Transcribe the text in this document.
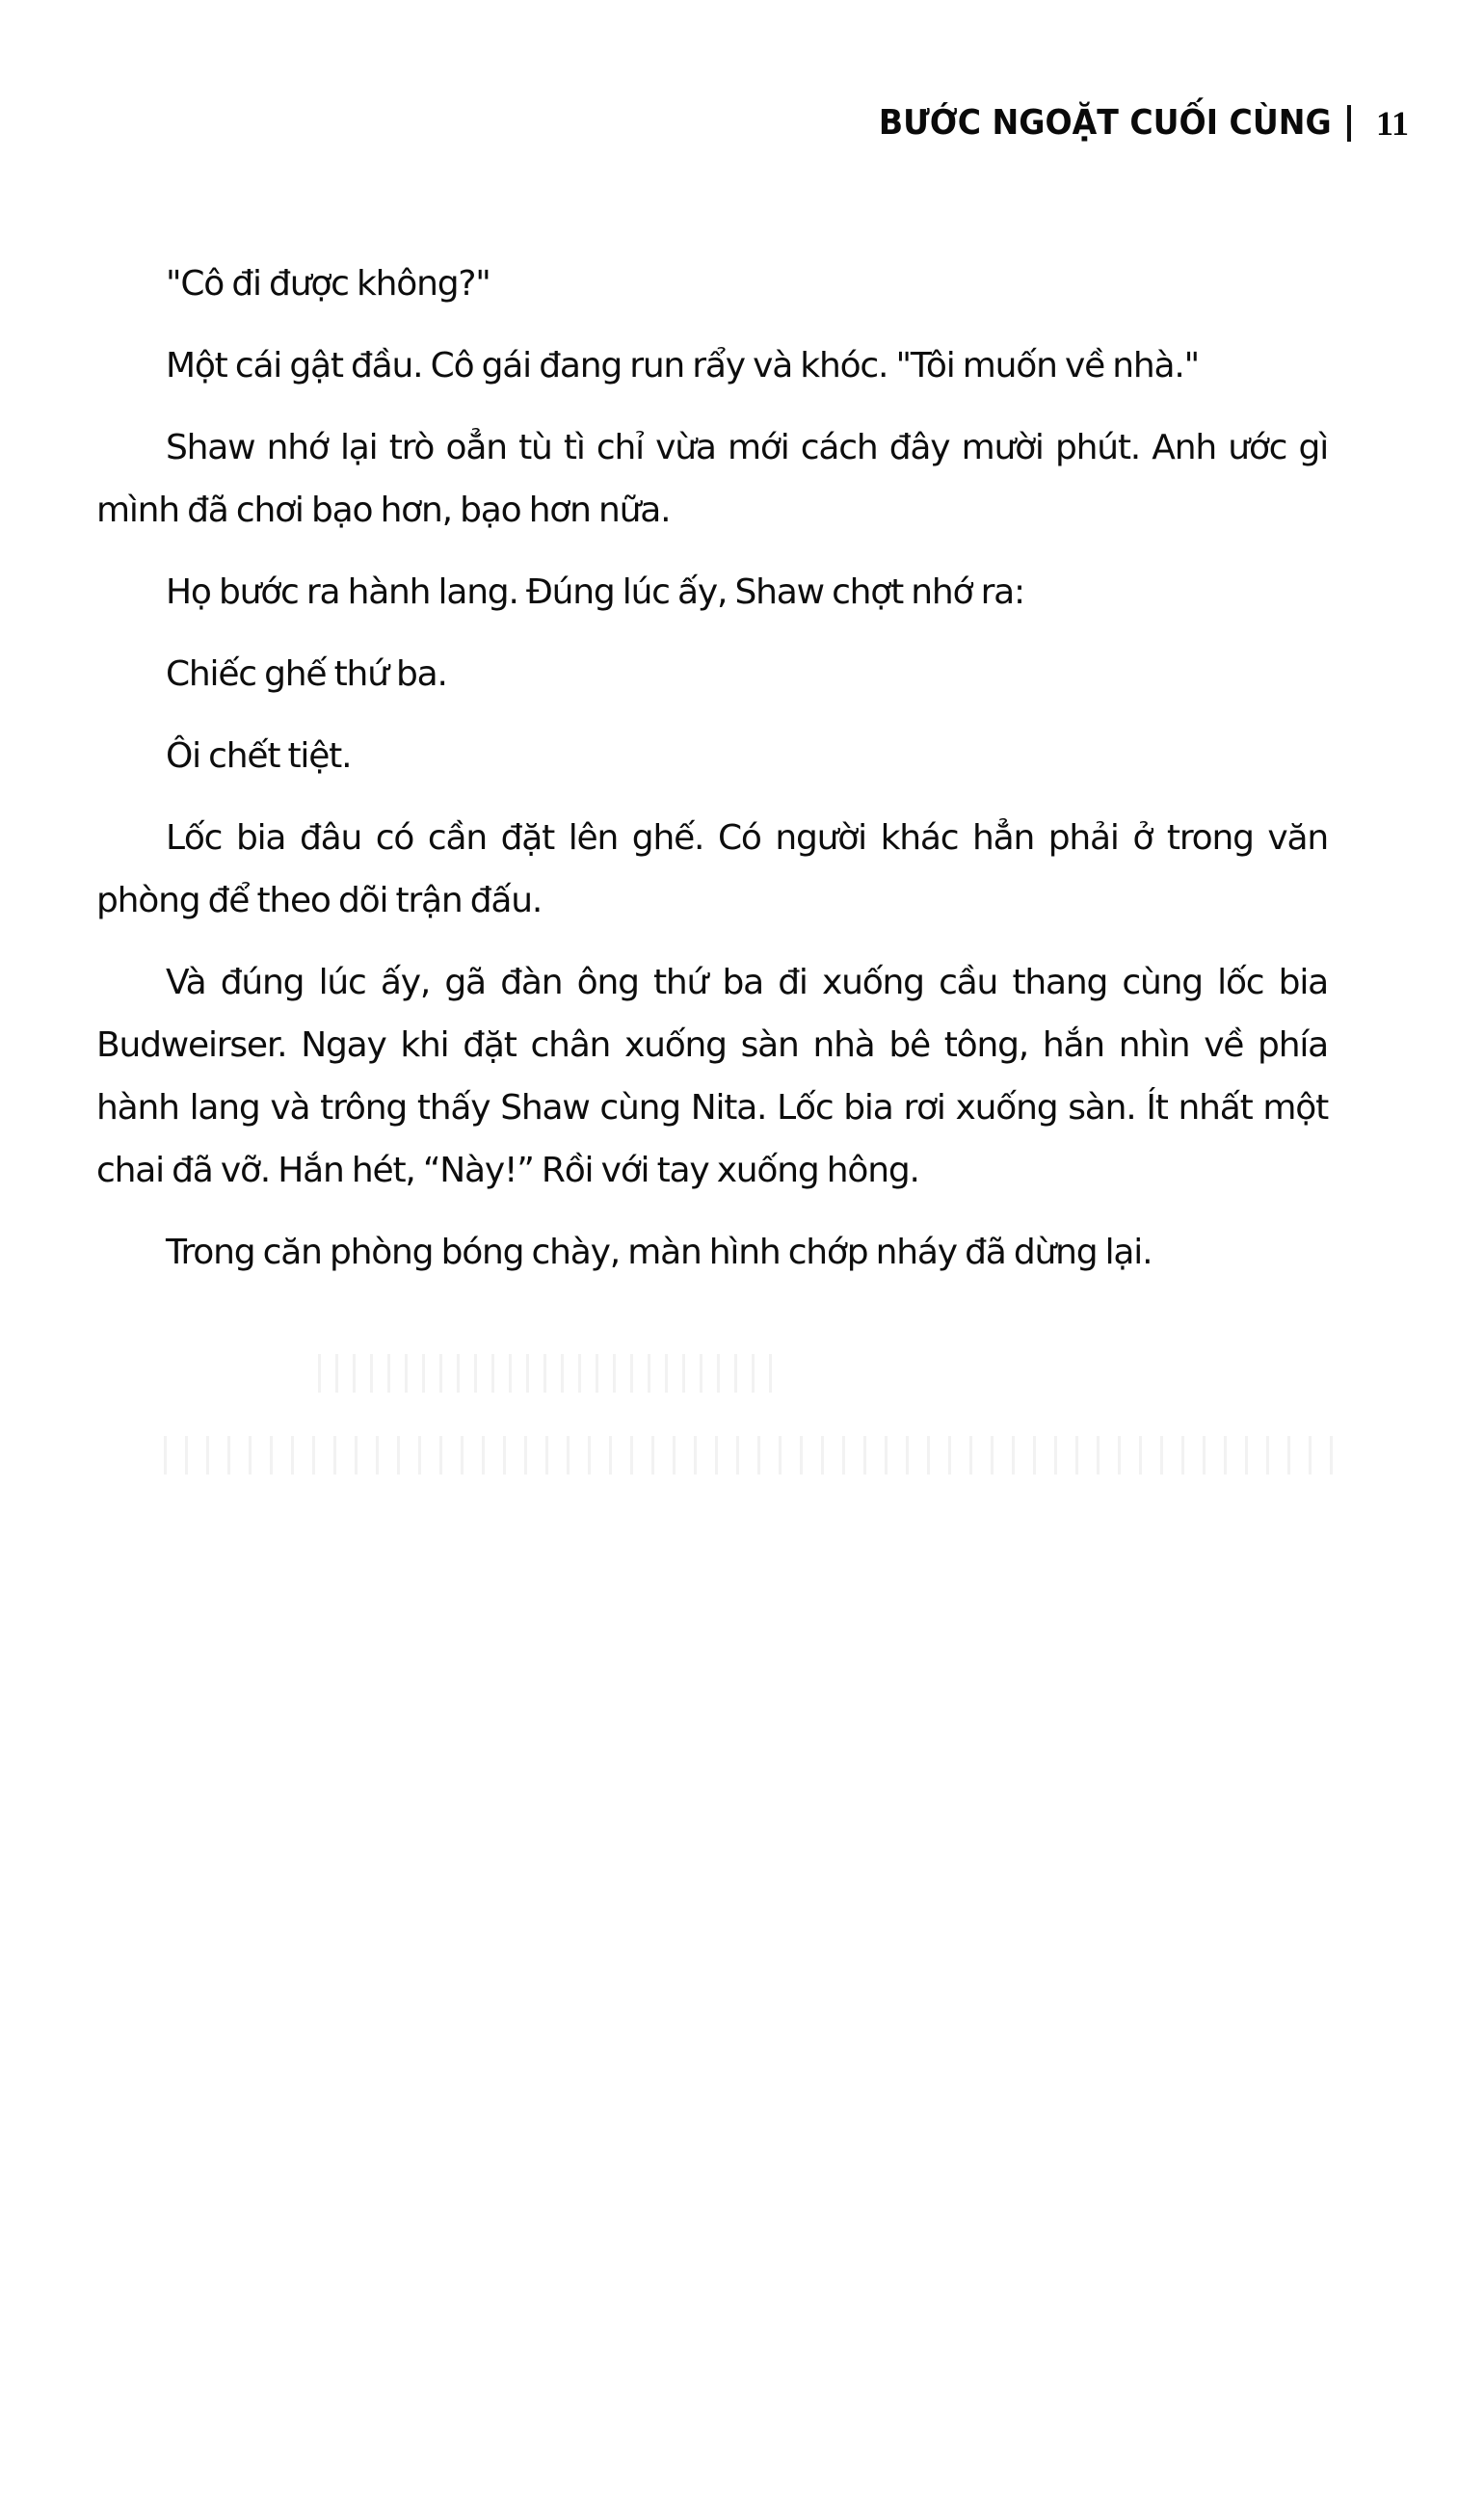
BƯỚC NGOẶT CUỐI CÙNG 11

"Cô đi được không?"

Một cái gật đầu. Cô gái đang run rẩy và khóc. "Tôi muốn về nhà."

Shaw nhớ lại trò oẳn tù tì chỉ vừa mới cách đây mười phút. Anh ước gì mình đã chơi bạo hơn, bạo hơn nữa.

Họ bước ra hành lang. Đúng lúc ấy, Shaw chợt nhớ ra:

Chiếc ghế thứ ba.

Ôi chết tiệt.

Lốc bia đâu có cần đặt lên ghế. Có người khác hẳn phải ở trong văn phòng để theo dõi trận đấu.

Và đúng lúc ấy, gã đàn ông thứ ba đi xuống cầu thang cùng lốc bia Budweirser. Ngay khi đặt chân xuống sàn nhà bê tông, hắn nhìn về phía hành lang và trông thấy Shaw cùng Nita. Lốc bia rơi xuống sàn. Ít nhất một chai đã vỡ. Hắn hét, “Này!” Rồi với tay xuống hông.

Trong căn phòng bóng chày, màn hình chớp nháy đã dừng lại.
